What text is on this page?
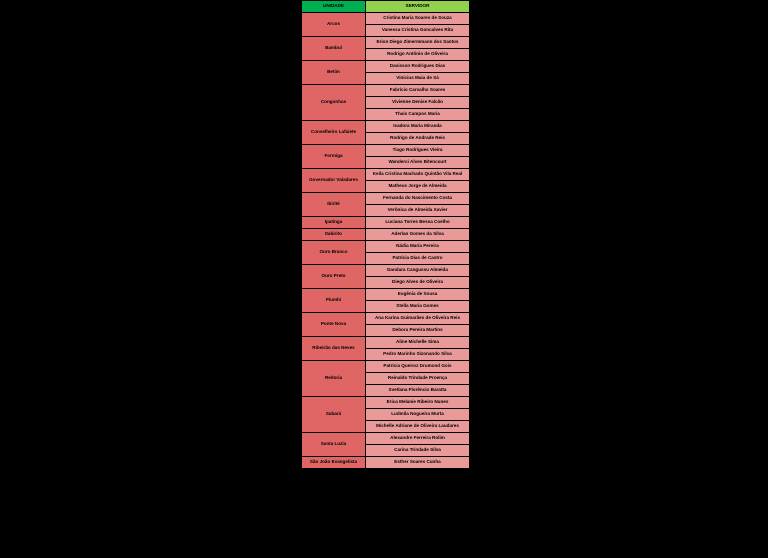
UNIDADE	SERVIDOR
Arcos	Cristina Maria Soares de Souza
	Vanessa Cristina Goncalves Rita
Bambuí	Erion Diego Zimermmann dos Santos
	Rodrigo Antônio de Oliveira
Betim	Davisson Rodrigues Dias
	Vinicius Maia de Sá
Congonhas	Fabrício Carvalho Soares
	Vivienne Denise Falcão
	Thaís Campos Maria
Conselheiro Lafaiete	Isadora Maria Miranda
	Rodrigo de Andrade Reis
Formiga	Tiago Rodrigues Vieira
	Wanderci Alves Bitencourt
Governador Valadares	Keila Cristina Machado Quintão Vila Real
	Matheus Jorge de Almeida
Ibirité	Fernanda do Nascimento Costa
	Verônica de Almeida Xavier
Ipatinga	Luciana Torres Bessa Coelho
Itabirito	Aderlan Gomes da Silva
Ouro Branco	Nádia Maria Pereira
	Patrícia Dias de Castro
Ouro Preto	Dandara Cangussu Almeida
	Diego Alves de Oliveira
Piumhi	Eugênia de Sousa
	Stella Maria Gomes
Ponte Nova	Ana Karina Guimarães de Oliveira Reis
	Debora Pereira Martins
Ribeirão das Neves	Aline Michelle Sima
	Pedro Marinho Sizonando Silva
Reitoria	Patrícia Queiroz Drumond Gois
	Reinaldo Trindade Proença
	Svetlana Florêncio Baratta
Sabará	Erica Melanie Ribeiro Nunes
	Ludmila Nogueira Murta
	Michelle Adriane de Oliveira Laudares
Santa Luzia	Alexandre Ferreira Rolim
	Carina Trindade Silva
São João Evangelista	Esther Soares Cunha
